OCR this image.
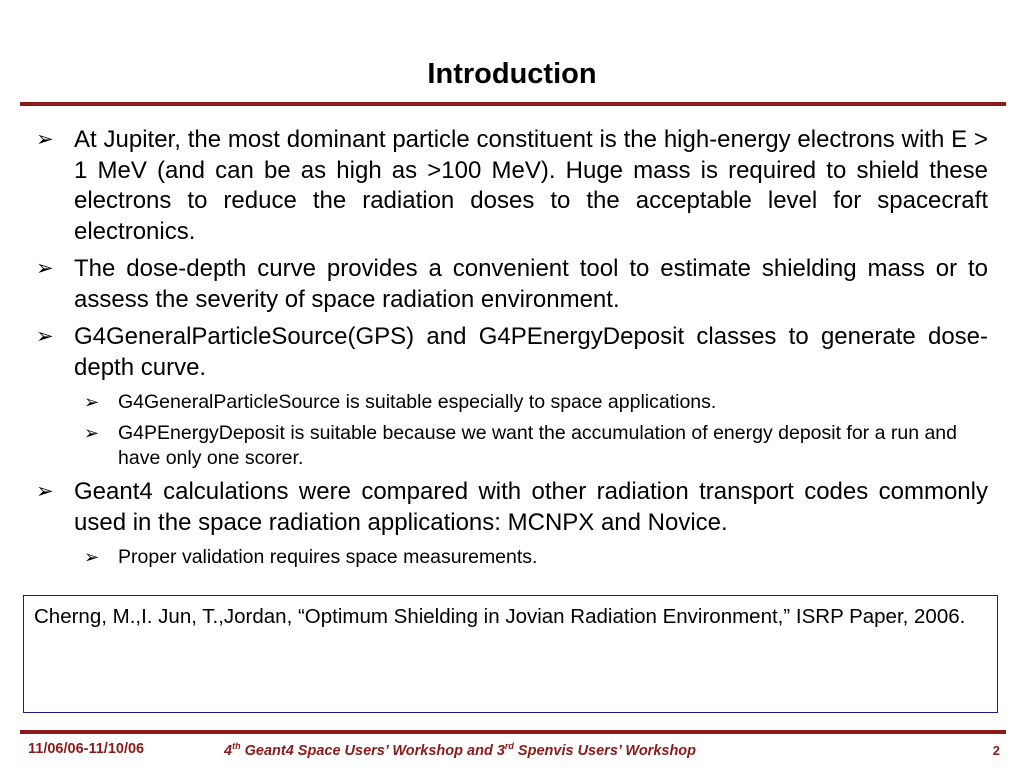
Introduction
➢ At Jupiter, the most dominant particle constituent is the high-energy electrons with E > 1 MeV (and can be as high as >100 MeV). Huge mass is required to shield these electrons to reduce the radiation doses to the acceptable level for spacecraft electronics.
➢ The dose-depth curve provides a convenient tool to estimate shielding mass or to assess the severity of space radiation environment.
➢ G4GeneralParticleSource(GPS) and G4PEnergyDeposit classes to generate dose-depth curve.
➢ G4GeneralParticleSource is suitable especially to space applications.
➢ G4PEnergyDeposit is suitable because we want the accumulation of energy deposit for a run and have only one scorer.
➢ Geant4 calculations were compared with other radiation transport codes commonly used in the space radiation applications: MCNPX and Novice.
➢ Proper validation requires space measurements.
Cherng, M.,I. Jun, T.,Jordan, “Optimum Shielding in Jovian Radiation Environment,” ISRP Paper, 2006.
11/06/06-11/10/06	4th Geant4 Space Users’ Workshop and 3rd Spenvis Users’ Workshop	2
